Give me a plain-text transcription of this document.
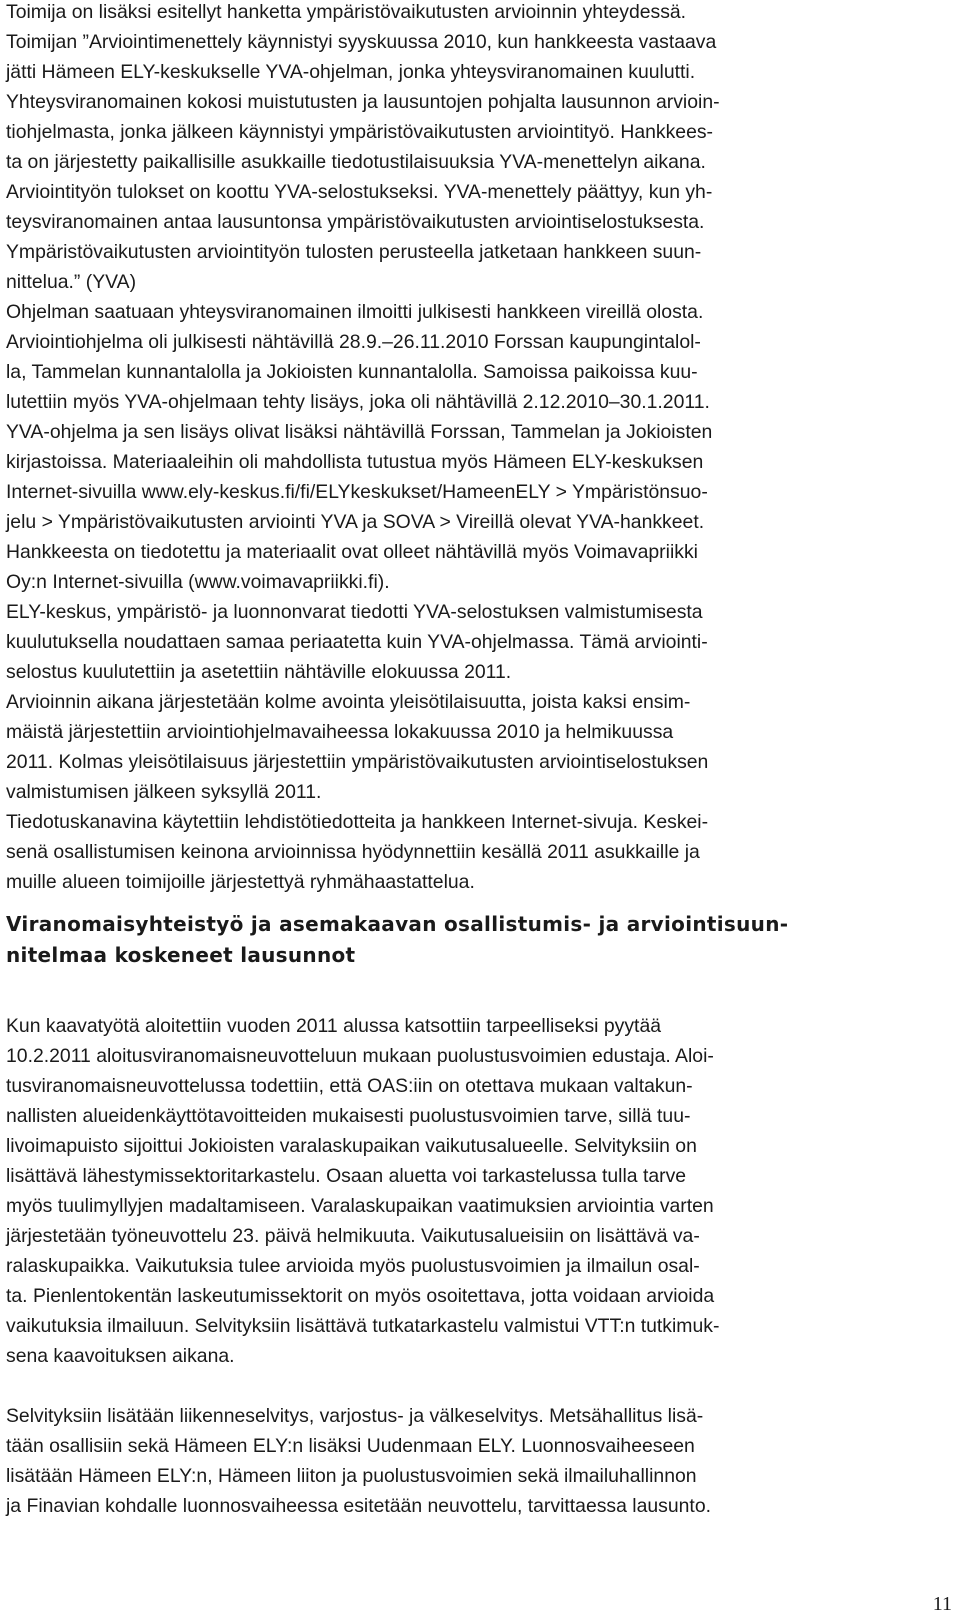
Toimija on lisäksi esitellyt hanketta ympäristövaikutusten arvioinnin yhteydessä.
Toimijan ”Arviointimenettely käynnistyi syyskuussa 2010, kun hankkeesta vastaava
jätti Hämeen ELY-keskukselle YVA-ohjelman, jonka yhteysviranomainen kuulutti.
Yhteysviranomainen kokosi muistutusten ja lausuntojen pohjalta lausunnon arvioin-
tiohjelmasta, jonka jälkeen käynnistyi ympäristövaikutusten arviointityö. Hankkees-
ta on järjestetty paikallisille asukkaille tiedotustilaisuuksia YVA-menettelyn aikana.
Arviointityön tulokset on koottu YVA-selostukseksi. YVA-menettely päättyy, kun yh-
teysviranomainen antaa lausuntonsa ympäristövaikutusten arviointiselostuksesta.
Ympäristövaikutusten arviointityön tulosten perusteella jatketaan hankkeen suun-
nittelua.” (YVA)
Ohjelman saatuaan yhteysviranomainen ilmoitti julkisesti hankkeen vireillä olosta.
Arviointiohjelma oli julkisesti nähtävillä 28.9.–26.11.2010 Forssan kaupungintalol-
la, Tammelan kunnantalolla ja Jokioisten kunnantalolla. Samoissa paikoissa kuu-
lutettiin myös YVA-ohjelmaan tehty lisäys, joka oli nähtävillä 2.12.2010–30.1.2011.
YVA-ohjelma ja sen lisäys olivat lisäksi nähtävillä Forssan, Tammelan ja Jokioisten
kirjastoissa. Materiaaleihin oli mahdollista tutustua myös Hämeen ELY-keskuksen
Internet-sivuilla www.ely-keskus.fi/fi/ELYkeskukset/HameenELY > Ympäristönsuo-
jelu > Ympäristövaikutusten arviointi YVA ja SOVA > Vireillä olevat YVA-hankkeet.
Hankkeesta on tiedotettu ja materiaalit ovat olleet nähtävillä myös Voimavapriikki
Oy:n Internet-sivuilla (www.voimavapriikki.fi).
ELY-keskus, ympäristö- ja luonnonvarat tiedotti YVA-selostuksen valmistumisesta
kuulutuksella noudattaen samaa periaatetta kuin YVA-ohjelmassa. Tämä arviointi-
selostus kuulutettiin ja asetettiin nähtäville elokuussa 2011.
Arvioinnin aikana järjestetään kolme avointa yleisötilaisuutta, joista kaksi ensim-
mäistä järjestettiin arviointiohjelmavaiheessa lokakuussa 2010 ja helmikuussa
2011. Kolmas yleisötilaisuus järjestettiin ympäristövaikutusten arviointiselostuksen
valmistumisen jälkeen syksyllä 2011.
Tiedotuskanavina käytettiin lehdistötiedotteita ja hankkeen Internet-sivuja. Keskei-
senä osallistumisen keinona arvioinnissa hyödynnettiin kesällä 2011 asukkaille ja
muille alueen toimijoille järjestettyä ryhmähaastattelua.
Viranomaisyhteistyö ja asemakaavan osallistumis- ja arviointisuun-
nitelmaa koskeneet lausunnot
Kun kaavatyötä aloitettiin vuoden 2011 alussa katsottiin tarpeelliseksi pyytää
10.2.2011 aloitusviranomaisneuvotteluun mukaan puolustusvoimien edustaja. Aloi-
tusviranomaisneuvottelussa todettiin, että OAS:iin on otettava mukaan valtakun-
nallisten alueidenkäyttötavoitteiden mukaisesti puolustusvoimien tarve, sillä tuu-
livoimapuisto sijoittui Jokioisten varalaskupaikan vaikutusalueelle. Selvityksiin on
lisättävä lähestymissektoritarkastelu. Osaan aluetta voi tarkastelussa tulla tarve
myös tuulimyllyjen madaltamiseen. Varalaskupaikan vaatimuksien arviointia varten
järjestetään työneuvottelu 23. päivä helmikuuta. Vaikutusalueisiin on lisättävä va-
ralaskupaikka. Vaikutuksia tulee arvioida myös puolustusvoimien ja ilmailun osal-
ta. Pienlentokentän laskeutumissektorit on myös osoitettava, jotta voidaan arvioida
vaikutuksia ilmailuun. Selvityksiin lisättävä tutkatarkastelu valmistui VTT:n tutkimuk-
sena kaavoituksen aikana.
Selvityksiin lisätään liikenneselvitys, varjostus- ja välkeselvitys. Metsähallitus lisä-
tään osallisiin sekä Hämeen ELY:n lisäksi Uudenmaan ELY. Luonnosvaiheeseen
lisätään Hämeen ELY:n, Hämeen liiton ja puolustusvoimien sekä ilmailuhallinnon
ja Finavian kohdalle luonnosvaiheessa esitetään neuvottelu, tarvittaessa lausunto.
11
